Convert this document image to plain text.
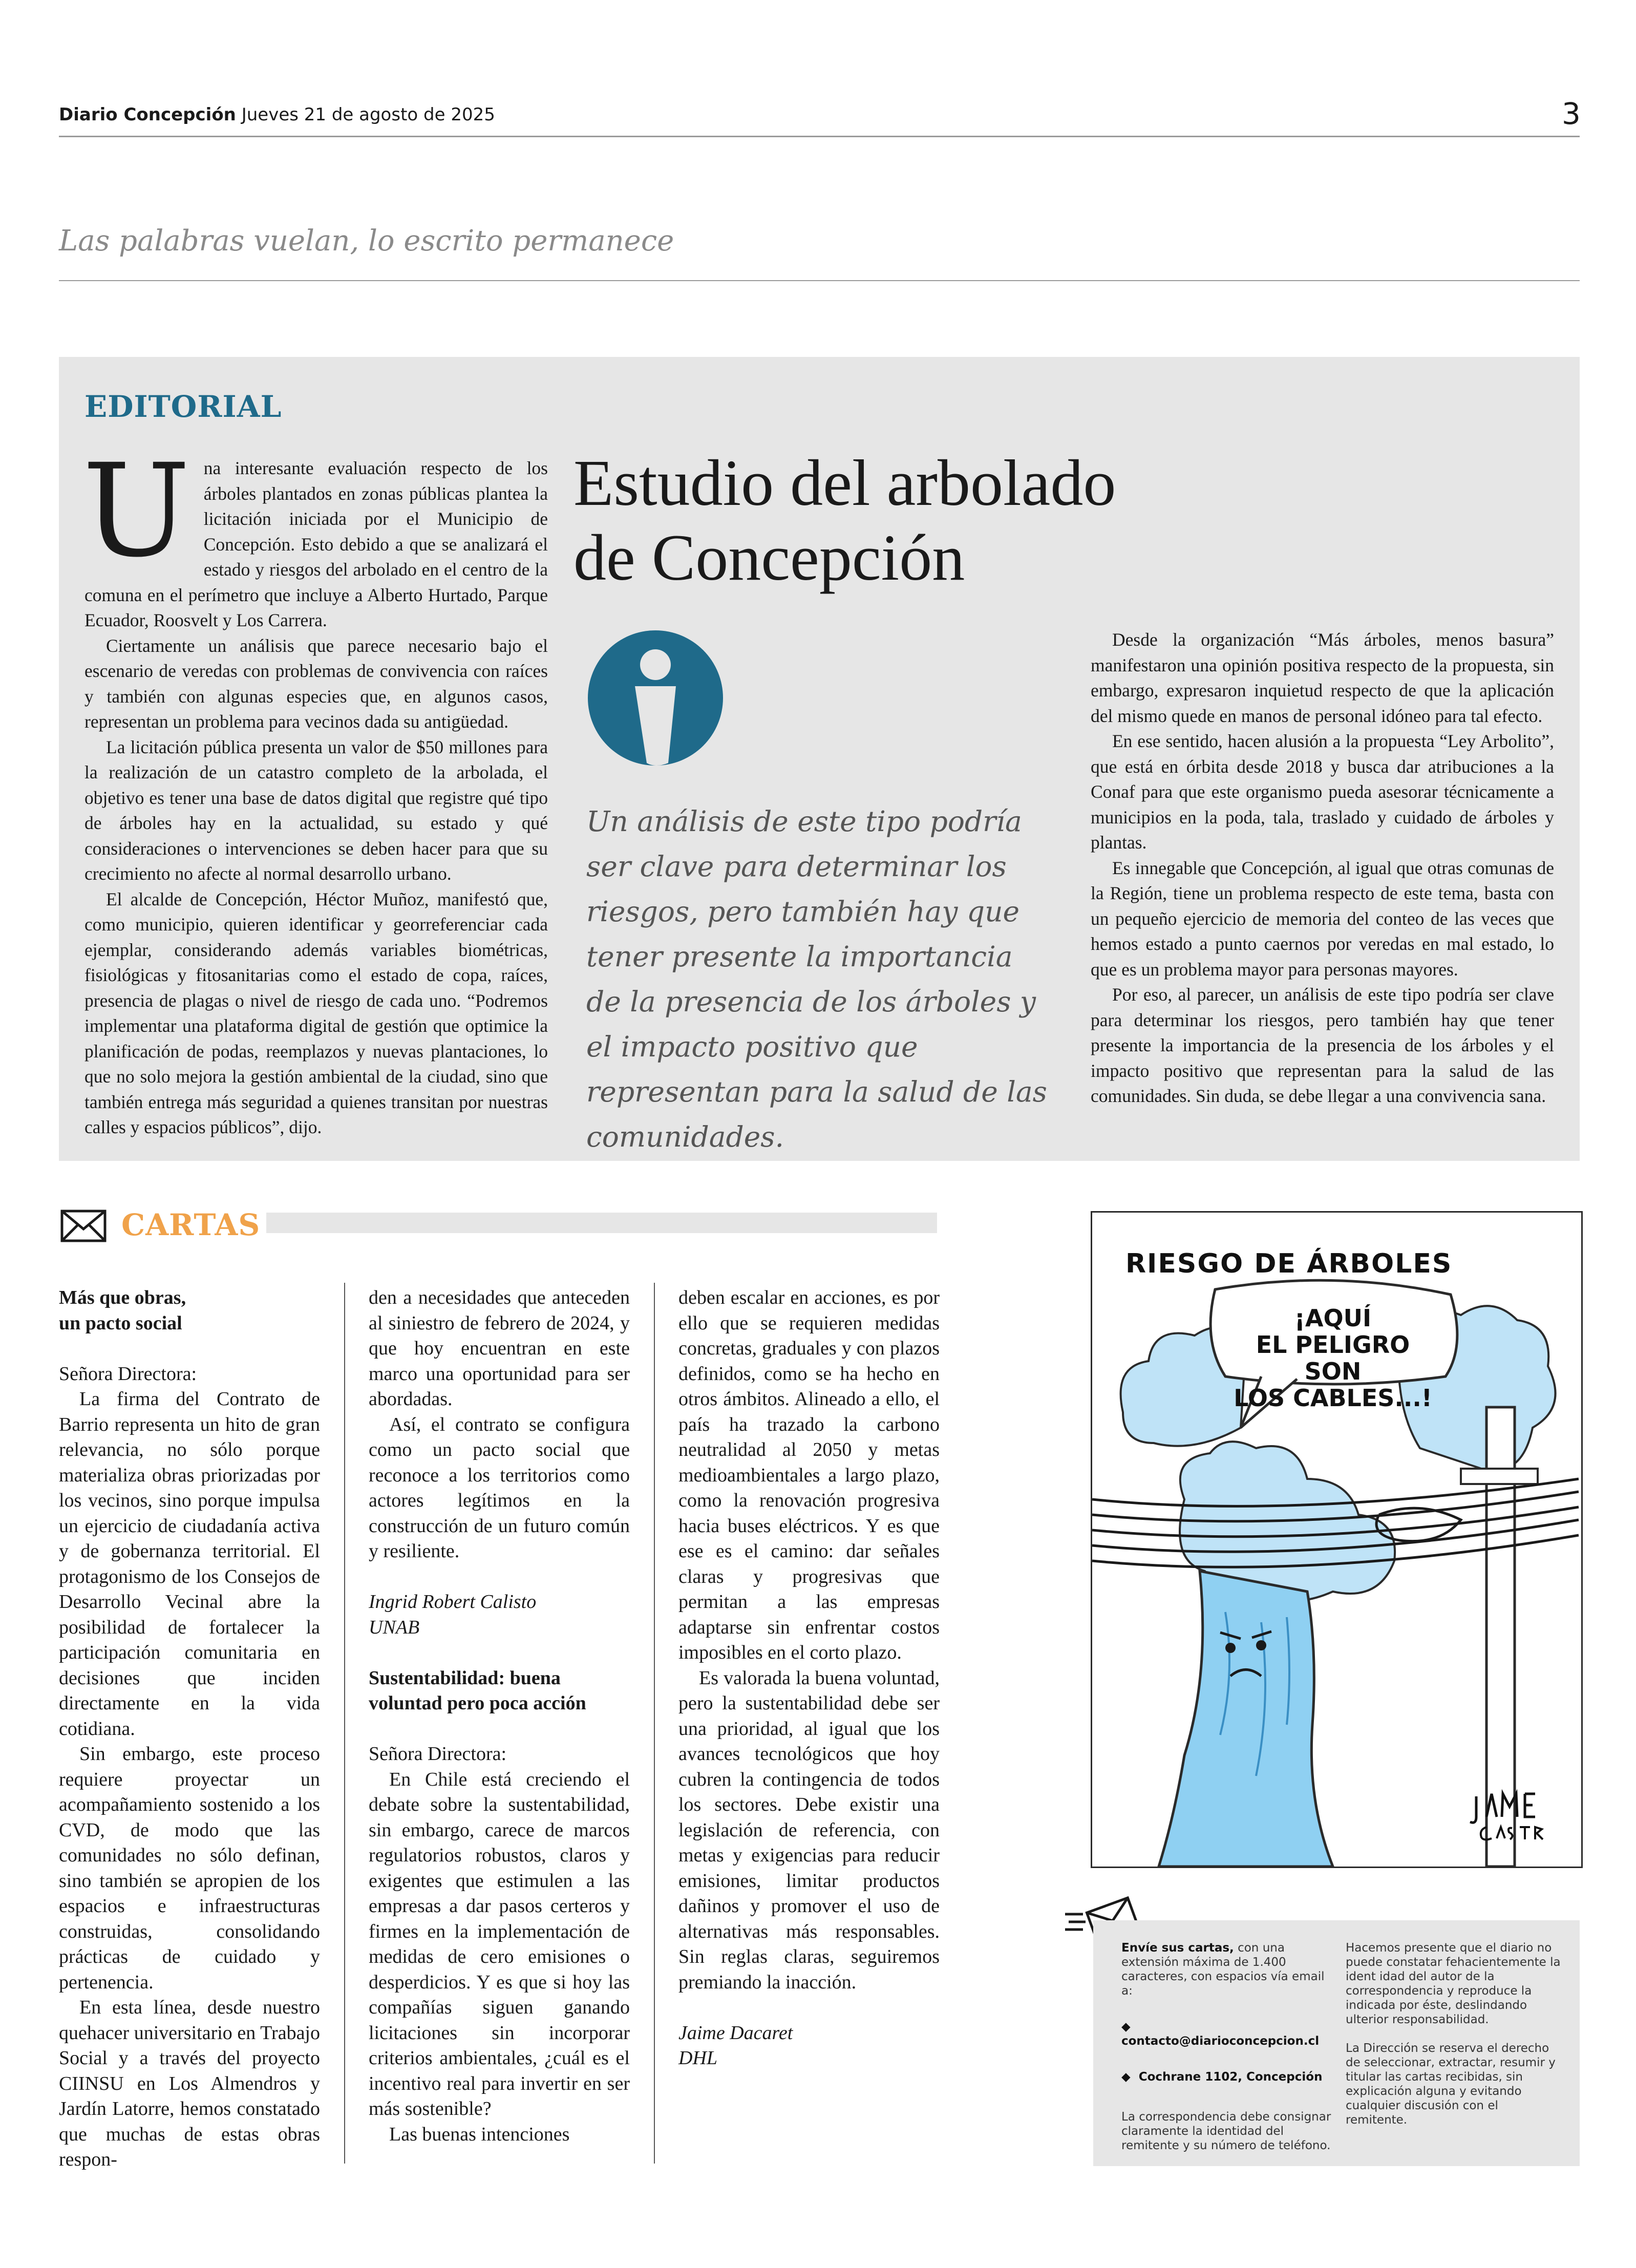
Diario Concepción Jueves 21 de agosto de 2025	3
Las palabras vuelan, lo escrito permanece
EDITORIAL

Una interesante evaluación respecto de los árboles plantados en zonas públicas plantea la licitación iniciada por el Municipio de Concepción. Esto debido a que se analizará el estado y riesgos del arbolado en el centro de la comuna en el perímetro que incluye a Alberto Hurtado, Parque Ecuador, Roosvelt y Los Carrera.

Ciertamente un análisis que parece necesario bajo el escenario de veredas con problemas de convivencia con raíces y también con algunas especies que, en algunos casos, representan un problema para vecinos dada su antigüedad.

La licitación pública presenta un valor de $50 millones para la realización de un catastro completo de la arbolada, el objetivo es tener una base de datos digital que registre qué tipo de árboles hay en la actualidad, su estado y qué consideraciones o intervenciones se deben hacer para que su crecimiento no afecte al normal desarrollo urbano.

El alcalde de Concepción, Héctor Muñoz, manifestó que, como municipio, quieren identificar y georreferenciar cada ejemplar, considerando además variables biométricas, fisiológicas y fitosanitarias como el estado de copa, raíces, presencia de plagas o nivel de riesgo de cada uno. “Podremos implementar una plataforma digital de gestión que optimice la planificación de podas, reemplazos y nuevas plantaciones, lo que no solo mejora la gestión ambiental de la ciudad, sino que también entrega más seguridad a quienes transitan por nuestras calles y espacios públicos”, dijo.

Estudio del arbolado de Concepción
Un análisis de este tipo podría ser clave para determinar los riesgos, pero también hay que tener presente la importancia de la presencia de los árboles y el impacto positivo que representan para la salud de las comunidades.

Desde la organización “Más árboles, menos basura” manifestaron una opinión positiva respecto de la propuesta, sin embargo, expresaron inquietud respecto de que la aplicación del mismo quede en manos de personal idóneo para tal efecto.

En ese sentido, hacen alusión a la propuesta “Ley Arbolito”, que está en órbita desde 2018 y busca dar atribuciones a la Conaf para que este organismo pueda asesorar técnicamente a municipios en la poda, tala, traslado y cuidado de árboles y plantas.

Es innegable que Concepción, al igual que otras comunas de la Región, tiene un problema respecto de este tema, basta con un pequeño ejercicio de memoria del conteo de las veces que hemos estado a punto caernos por veredas en mal estado, lo que es un problema mayor para personas mayores.

Por eso, al parecer, un análisis de este tipo podría ser clave para determinar los riesgos, pero también hay que tener presente la importancia de la presencia de los árboles y el impacto positivo que representan para la salud de las comunidades. Sin duda, se debe llegar a una convivencia sana.

CARTAS

Más que obras,
un pacto social

Señora Directora:

La firma del Contrato de Barrio representa un hito de gran relevancia, no sólo porque materializa obras priorizadas por los vecinos, sino porque impulsa un ejercicio de ciudadanía activa y de gobernanza territorial. El protagonismo de los Consejos de Desarrollo Vecinal abre la posibilidad de fortalecer la participación comunitaria en decisiones que inciden directamente en la vida cotidiana.

Sin embargo, este proceso requiere proyectar un acompañamiento sostenido a los CVD, de modo que las comunidades no sólo definan, sino también se apropien de los espacios e infraestructuras construidas, consolidando prácticas de cuidado y pertenencia.

En esta línea, desde nuestro quehacer universitario en Trabajo Social y a través del proyecto CIINSU en Los Almendros y Jardín Latorre, hemos constatado que muchas de estas obras respon-

den a necesidades que anteceden al siniestro de febrero de 2024, y que hoy encuentran en este marco una oportunidad para ser abordadas.

Así, el contrato se configura como un pacto social que reconoce a los territorios como actores legítimos en la construcción de un futuro común y resiliente.

Ingrid Robert Calisto

UNAB

Sustentabilidad: buena
voluntad pero poca acción

Señora Directora:

En Chile está creciendo el debate sobre la sustentabilidad, sin embargo, carece de marcos regulatorios robustos, claros y exigentes que estimulen a las empresas a dar pasos certeros y firmes en la implementación de medidas de cero emisiones o desperdicios. Y es que si hoy las compañías siguen ganando licitaciones sin incorporar criterios ambientales, ¿cuál es el incentivo real para invertir en ser más sostenible?

Las buenas intenciones

deben escalar en acciones, es por ello que se requieren medidas concretas, graduales y con plazos definidos, como se ha hecho en otros ámbitos. Alineado a ello, el país ha trazado la carbono neutralidad al 2050 y metas medioambientales a largo plazo, como la renovación progresiva hacia buses eléctricos. Y es que ese es el camino: dar señales claras y progresivas que permitan a las empresas adaptarse sin enfrentar costos imposibles en el corto plazo.

Es valorada la buena voluntad, pero la sustentabilidad debe ser una prioridad, al igual que los avances tecnológicos que hoy cubren la contingencia de todos los sectores. Debe existir una legislación de referencia, con metas y exigencias para reducir emisiones, limitar productos dañinos y promover el uso de alternativas más responsables. Sin reglas claras, seguiremos premiando la inacción.

Jaime Dacaret

DHL

RIESGO DE ÁRBOLES
¡AQUÍ
EL PELIGRO SON
LOS CABLES...!

Envíe sus cartas, con una extensión máxima de 1.400 caracteres, con espacios vía email a:

◆  contacto@diarioconcepcion.cl

◆  Cochrane 1102, Concepción

La correspondencia debe consignar claramente la identidad del remitente y su número de teléfono.

Hacemos presente que el diario no puede constatar fehacientemente la ident idad del autor de la correspondencia y reproduce la indicada por éste, deslindando ulterior responsabilidad.

La Dirección se reserva el derecho de seleccionar, extractar, resumir y titular las cartas recibidas, sin explicación alguna y evitando cualquier discusión con el remitente.
